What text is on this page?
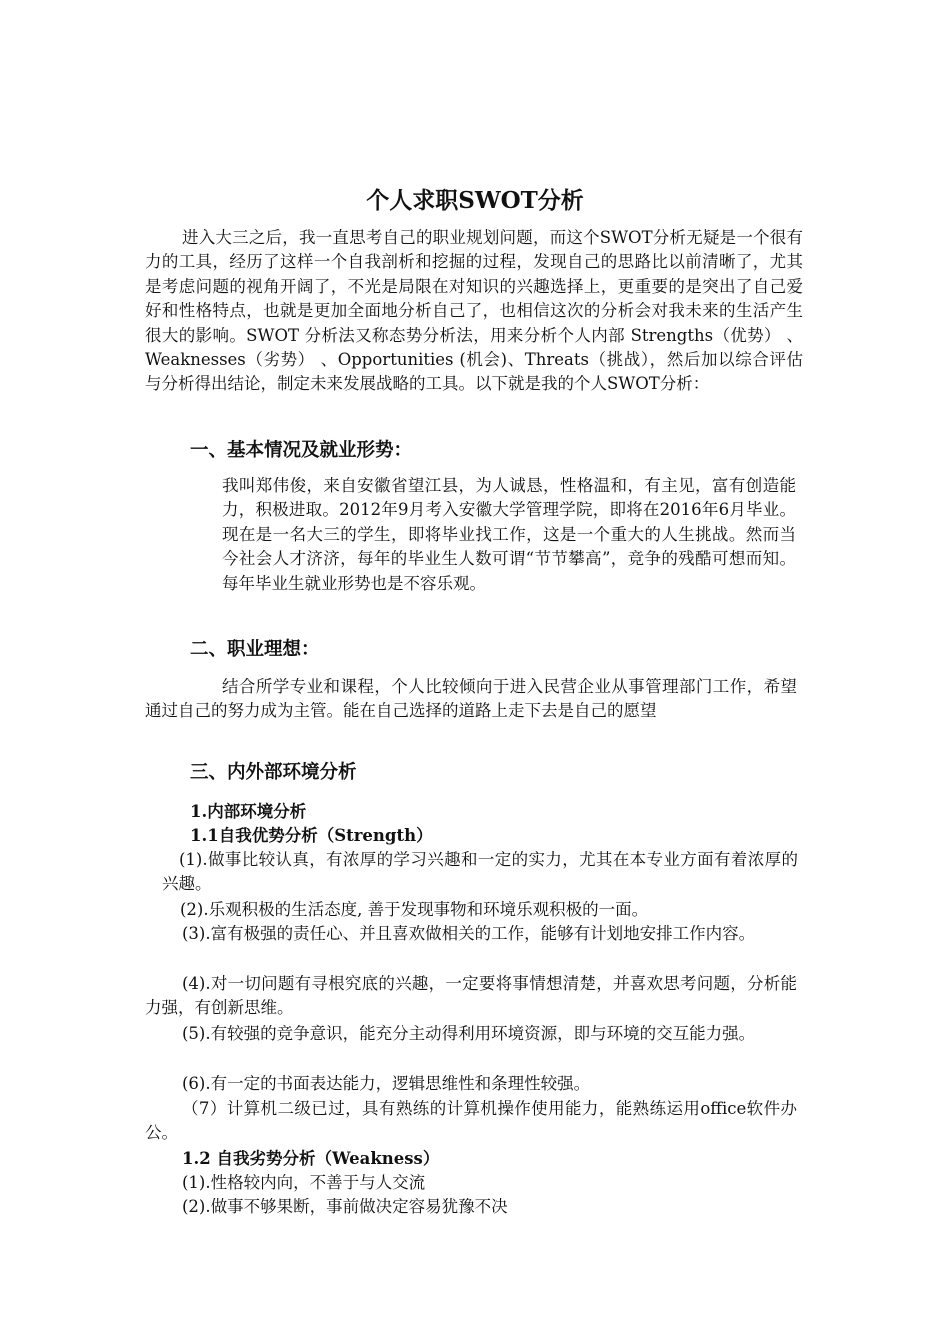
个人求职SWOT分析

进入大三之后，我一直思考自己的职业规划问题，而这个SWOT分析无疑是一个很有力的工具，经历了这样一个自我剖析和挖掘的过程，发现自己的思路比以前清晰了，尤其是考虑问题的视角开阔了，不光是局限在对知识的兴趣选择上，更重要的是突出了自己爱好和性格特点，也就是更加全面地分析自己了，也相信这次的分析会对我未来的生活产生很大的影响。SWOT 分析法又称态势分析法，用来分析个人内部 Strengths（优势） 、Weaknesses（劣势） 、Opportunities (机会)、Threats（挑战），然后加以综合评估与分析得出结论，制定未来发展战略的工具。以下就是我的个人SWOT分析：

一、基本情况及就业形势：

我叫郑伟俊，来自安徽省望江县，为人诚恳，性格温和，有主见，富有创造能力，积极进取。2012年9月考入安徽大学管理学院，即将在2016年6月毕业。现在是一名大三的学生，即将毕业找工作，这是一个重大的人生挑战。然而当今社会人才济济，每年的毕业生人数可谓“节节攀高”，竞争的残酷可想而知。每年毕业生就业形势也是不容乐观。

二、职业理想：

结合所学专业和课程，个人比较倾向于进入民营企业从事管理部门工作，希望通过自己的努力成为主管。能在自己选择的道路上走下去是自己的愿望

三、内外部环境分析
1.内部环境分析
1.1自我优势分析（Strength）

(1).做事比较认真，有浓厚的学习兴趣和一定的实力，尤其在本专业方面有着浓厚的兴趣。

(2).乐观积极的生活态度, 善于发现事物和环境乐观积极的一面。

(3).富有极强的责任心、并且喜欢做相关的工作，能够有计划地安排工作内容。

(4).对一切问题有寻根究底的兴趣，一定要将事情想清楚，并喜欢思考问题，分析能力强，有创新思维。

(5).有较强的竞争意识，能充分主动得利用环境资源，即与环境的交互能力强。

(6).有一定的书面表达能力，逻辑思维性和条理性较强。

（7）计算机二级已过，具有熟练的计算机操作使用能力，能熟练运用office软件办公。

1.2 自我劣势分析（Weakness）
(1).性格较内向，不善于与人交流
(2).做事不够果断，事前做决定容易犹豫不决
